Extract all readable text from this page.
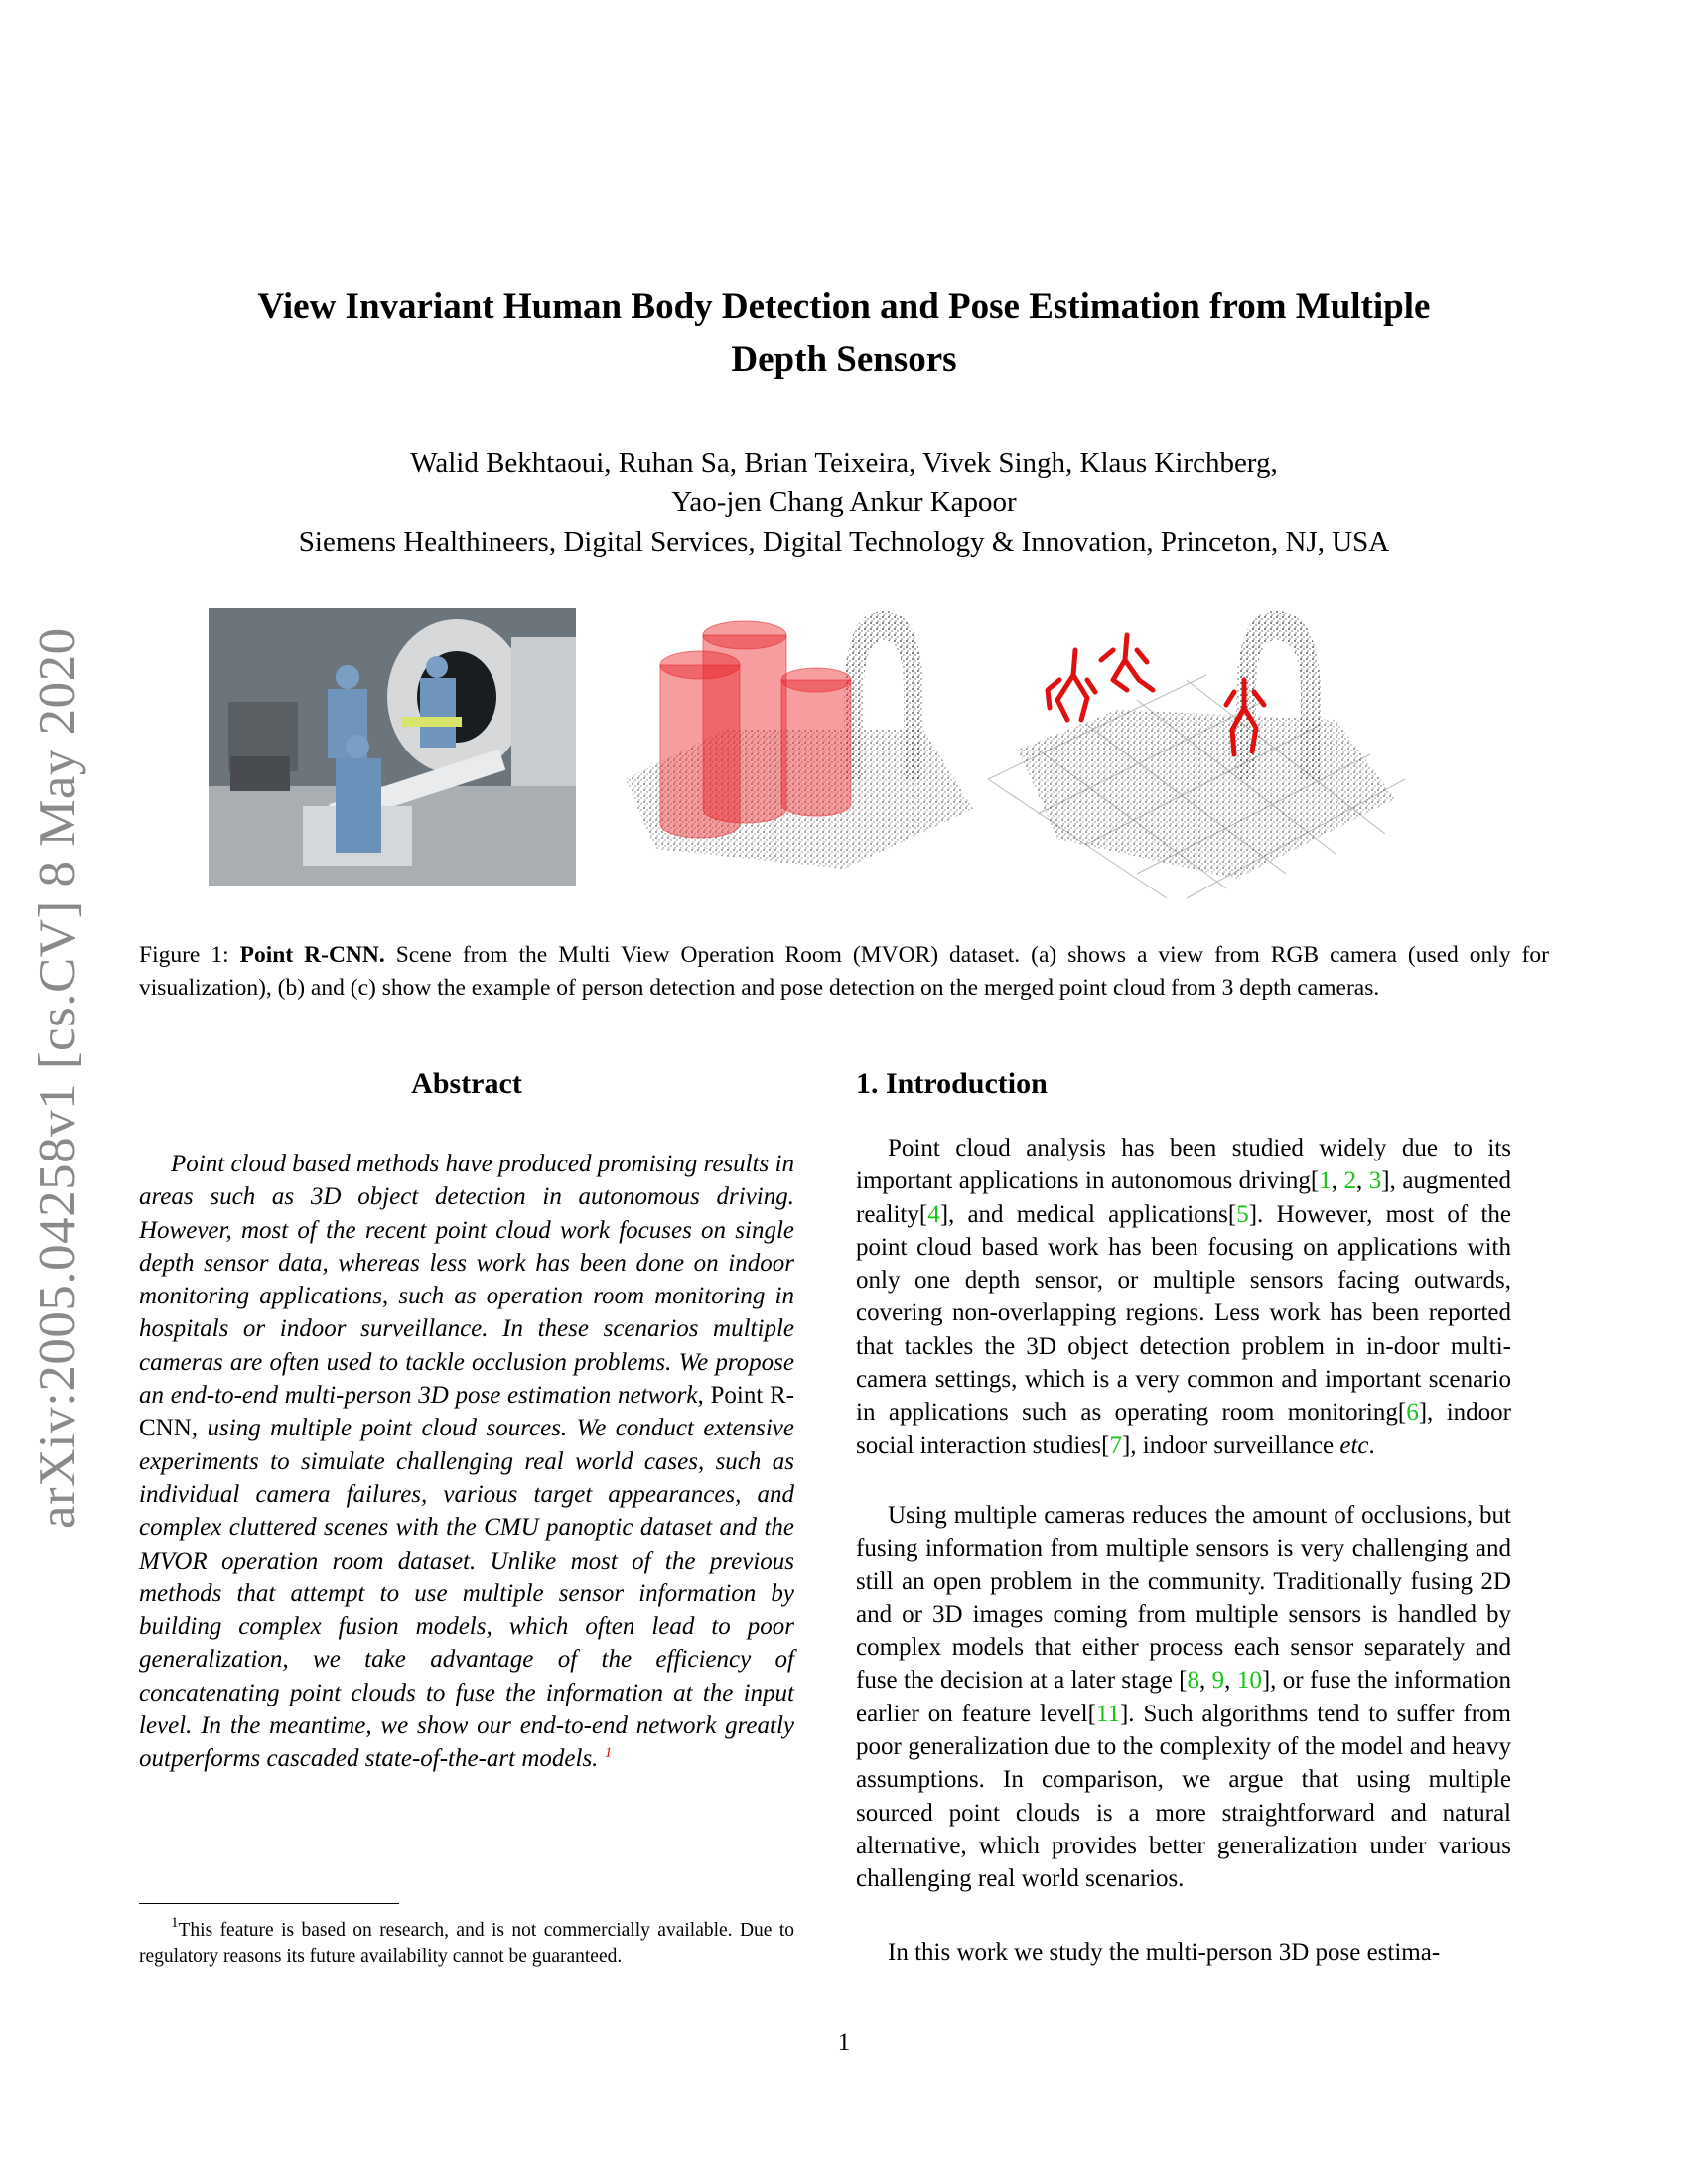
arXiv:2005.04258v1 [cs.CV] 8 May 2020
View Invariant Human Body Detection and Pose Estimation from Multiple
Depth Sensors
Walid Bekhtaoui, Ruhan Sa, Brian Teixeira, Vivek Singh, Klaus Kirchberg,
Yao-jen Chang Ankur Kapoor
Siemens Healthineers, Digital Services, Digital Technology & Innovation, Princeton, NJ, USA
Figure 1: Point R-CNN. Scene from the Multi View Operation Room (MVOR) dataset. (a) shows a view from RGB camera (used only for visualization), (b) and (c) show the example of person detection and pose detection on the merged point cloud from 3 depth cameras.
Abstract

Point cloud based methods have produced promising results in areas such as 3D object detection in autonomous driving. However, most of the recent point cloud work focuses on single depth sensor data, whereas less work has been done on indoor monitoring applications, such as operation room monitoring in hospitals or indoor surveillance. In these scenarios multiple cameras are often used to tackle occlusion problems. We propose an end-to-end multi-person 3D pose estimation network, Point R-CNN, using multiple point cloud sources. We conduct extensive experiments to simulate challenging real world cases, such as individual camera failures, various target appearances, and complex cluttered scenes with the CMU panoptic dataset and the MVOR operation room dataset. Unlike most of the previous methods that attempt to use multiple sensor information by building complex fusion models, which often lead to poor generalization, we take advantage of the efficiency of concatenating point clouds to fuse the information at the input level. In the meantime, we show our end-to-end network greatly outperforms cascaded state-of-the-art models. $^1$

$^1$This feature is based on research, and is not commercially available. Due to regulatory reasons its future availability cannot be guaranteed.

1. Introduction

Point cloud analysis has been studied widely due to its important applications in autonomous driving[1, 2, 3], augmented reality[4], and medical applications[5]. However, most of the point cloud based work has been focusing on applications with only one depth sensor, or multiple sensors facing outwards, covering non-overlapping regions. Less work has been reported that tackles the 3D object detection problem in in-door multi-camera settings, which is a very common and important scenario in applications such as operating room monitoring[6], indoor social interaction studies[7], indoor surveillance etc.

Using multiple cameras reduces the amount of occlusions, but fusing information from multiple sensors is very challenging and still an open problem in the community. Traditionally fusing 2D and or 3D images coming from multiple sensors is handled by complex models that either process each sensor separately and fuse the decision at a later stage [8, 9, 10], or fuse the information earlier on feature level[11]. Such algorithms tend to suffer from poor generalization due to the complexity of the model and heavy assumptions. In comparison, we argue that using multiple sourced point clouds is a more straightforward and natural alternative, which provides better generalization under various challenging real world scenarios.

In this work we study the multi-person 3D pose estima-

1
